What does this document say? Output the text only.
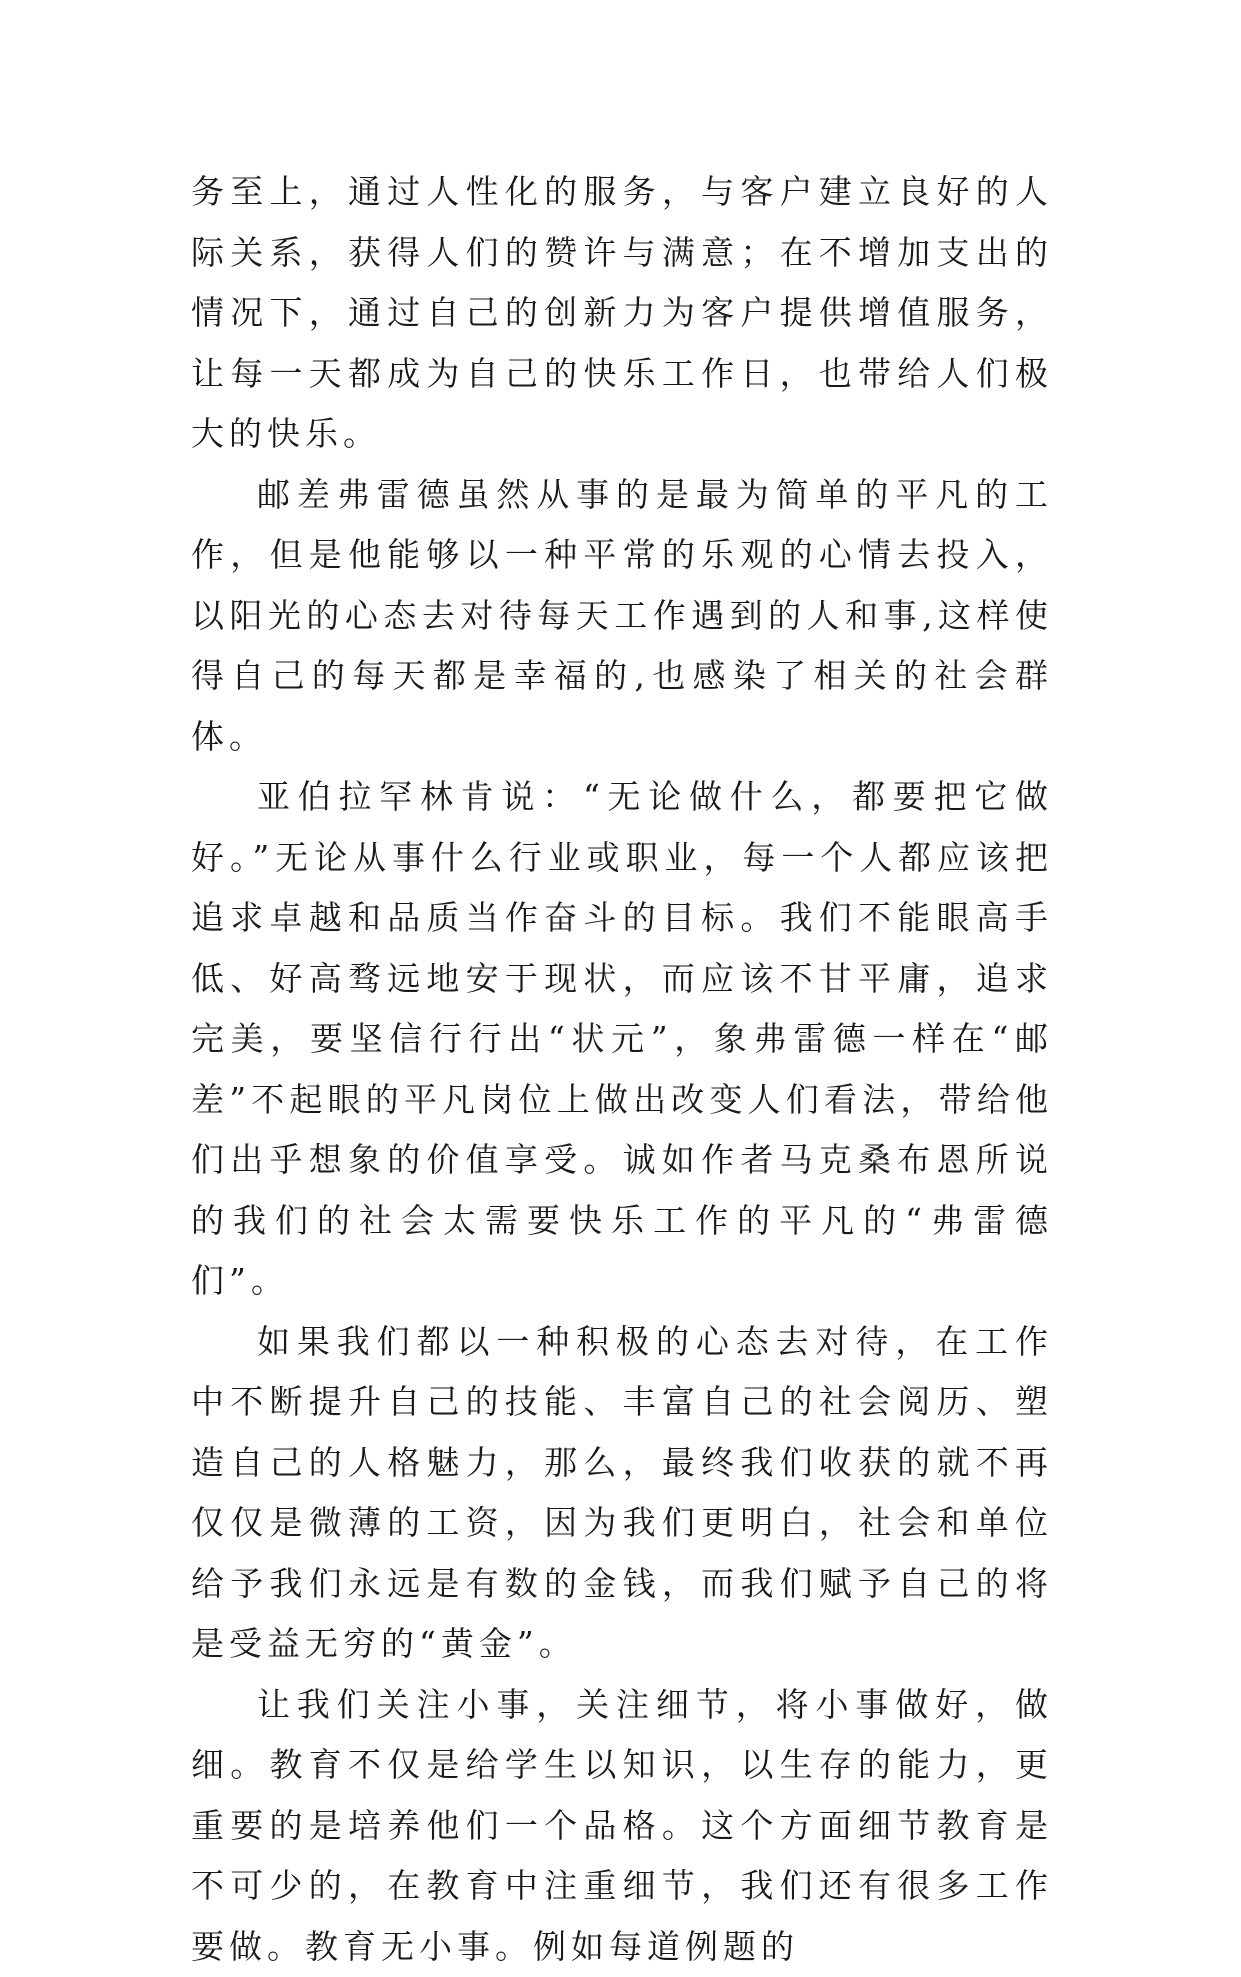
务至上，通过人性化的服务，与客户建立良好的人际关系，获得人们的赞许与满意；在不增加支出的情况下，通过自己的创新力为客户提供增值服务，让每一天都成为自己的快乐工作日，也带给人们极大的快乐。

邮差弗雷德虽然从事的是最为简单的平凡的工作，但是他能够以一种平常的乐观的心情去投入，以阳光的心态去对待每天工作遇到的人和事,这样使得自己的每天都是幸福的,也感染了相关的社会群体。

亚伯拉罕林肯说：“无论做什么，都要把它做好。”无论从事什么行业或职业，每一个人都应该把追求卓越和品质当作奋斗的目标。我们不能眼高手低、好高骛远地安于现状，而应该不甘平庸，追求完美，要坚信行行出“状元”，象弗雷德一样在“邮差”不起眼的平凡岗位上做出改变人们看法，带给他们出乎想象的价值享受。诚如作者马克桑布恩所说的我们的社会太需要快乐工作的平凡的“弗雷德们”。

如果我们都以一种积极的心态去对待，在工作中不断提升自己的技能、丰富自己的社会阅历、塑造自己的人格魅力，那么，最终我们收获的就不再仅仅是微薄的工资，因为我们更明白，社会和单位给予我们永远是有数的金钱，而我们赋予自己的将是受益无穷的“黄金”。

让我们关注小事，关注细节，将小事做好，做细。教育不仅是给学生以知识，以生存的能力，更重要的是培养他们一个品格。这个方面细节教育是不可少的，在教育中注重细节，我们还有很多工作要做。教育无小事。例如每道例题的
